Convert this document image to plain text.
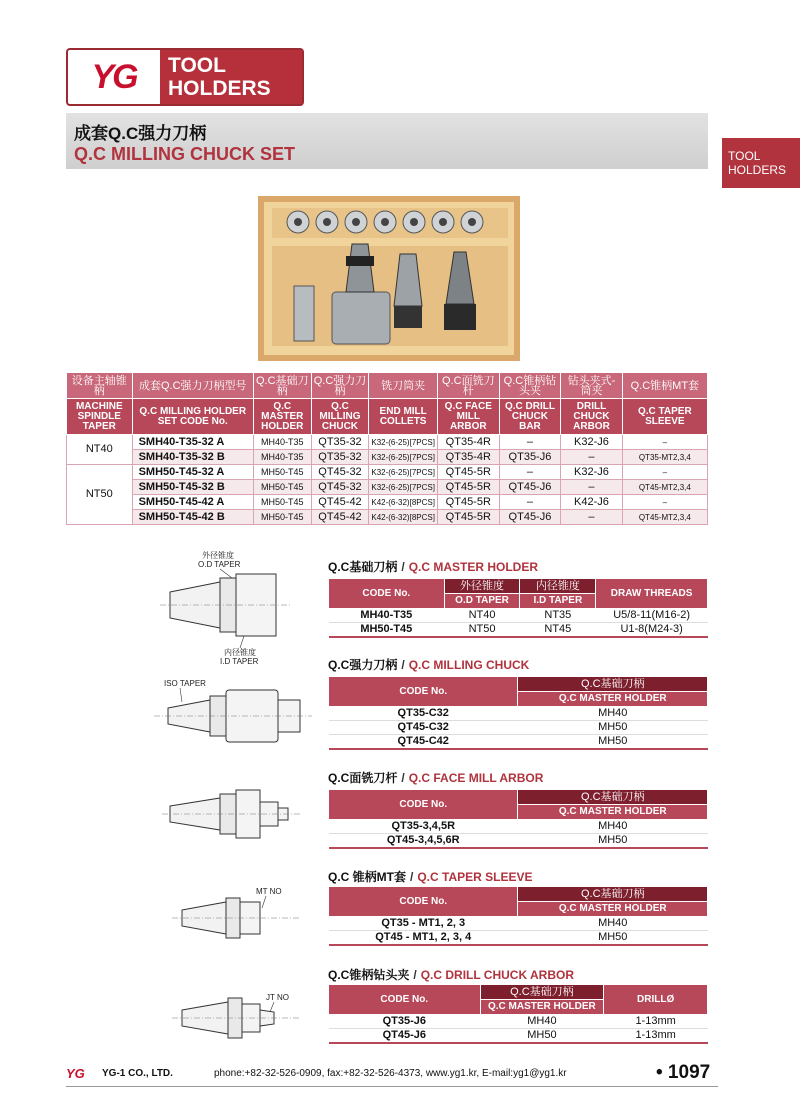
YG TOOL
HOLDERS
TOOL
HOLDERS
成套Q.C强力刀柄
Q.C MILLING CHUCK SET
设备主轴锥柄	成套Q.C强力刀柄型号	Q.C基础刀柄	Q.C强力刀柄	铣刀筒夹	Q.C面铣刀杆	Q.C锥柄钻头夹	钻头夹式-筒夹	Q.C锥柄MT套
MACHINE SPINDLE TAPER	Q.C MILLING HOLDER SET CODE No.	Q.C MASTER HOLDER	Q.C MILLING CHUCK	END MILL COLLETS	Q.C FACE MILL ARBOR	Q.C DRILL CHUCK BAR	DRILL CHUCK ARBOR	Q.C TAPER SLEEVE
NT40	SMH40-T35-32 A	MH40-T35	QT35-32	K32-(6-25)[7PCS]	QT35-4R	–	K32-J6	–
	SMH40-T35-32 B	MH40-T35	QT35-32	K32-(6-25)[7PCS]	QT35-4R	QT35-J6	–	QT35-MT2,3,4
NT50	SMH50-T45-32 A	MH50-T45	QT45-32	K32-(6-25)[7PCS]	QT45-5R	–	K32-J6	–
	SMH50-T45-32 B	MH50-T45	QT45-32	K32-(6-25)[7PCS]	QT45-5R	QT45-J6	–	QT45-MT2,3,4
	SMH50-T45-42 A	MH50-T45	QT45-42	K42-(6-32)[8PCS]	QT45-5R	–	K42-J6	–
	SMH50-T45-42 B	MH50-T45	QT45-42	K42-(6-32)[8PCS]	QT45-5R	QT45-J6	–	QT45-MT2,3,4
外径锥度
O.D TAPER
内径锥度
I.D TAPER
Q.C基础刀柄 / Q.C MASTER HOLDER
CODE No.	外径锥度	内径锥度	DRAW THREADS
	O.D TAPER	I.D TAPER	
MH40-T35	NT40	NT35	U5/8-11(M16-2)
MH50-T45	NT50	NT45	U1-8(M24-3)
ISO TAPER
Q.C强力刀柄 / Q.C MILLING CHUCK
CODE No.	Q.C基础刀柄
	Q.C MASTER HOLDER
QT35-C32	MH40
QT45-C32	MH50
QT45-C42	MH50
Q.C面铣刀杆 / Q.C FACE MILL ARBOR
CODE No.	Q.C基础刀柄
	Q.C MASTER HOLDER
QT35-3,4,5R	MH40
QT45-3,4,5,6R	MH50
MT NO
Q.C 锥柄MT套 / Q.C TAPER SLEEVE
CODE No.	Q.C基础刀柄
	Q.C MASTER HOLDER
QT35 - MT1, 2, 3	MH40
QT45 - MT1, 2, 3, 4	MH50
JT NO
Q.C锥柄钻头夹 / Q.C DRILL CHUCK ARBOR
CODE No.	Q.C基础刀柄	DRILLØ
	Q.C MASTER HOLDER	
QT35-J6	MH40	1-13mm
QT45-J6	MH50	1-13mm
YG YG-1 CO., LTD.	phone:+82-32-526-0909, fax:+82-32-526-4373, www.yg1.kr, E-mail:yg1@yg1.kr	• 1097
